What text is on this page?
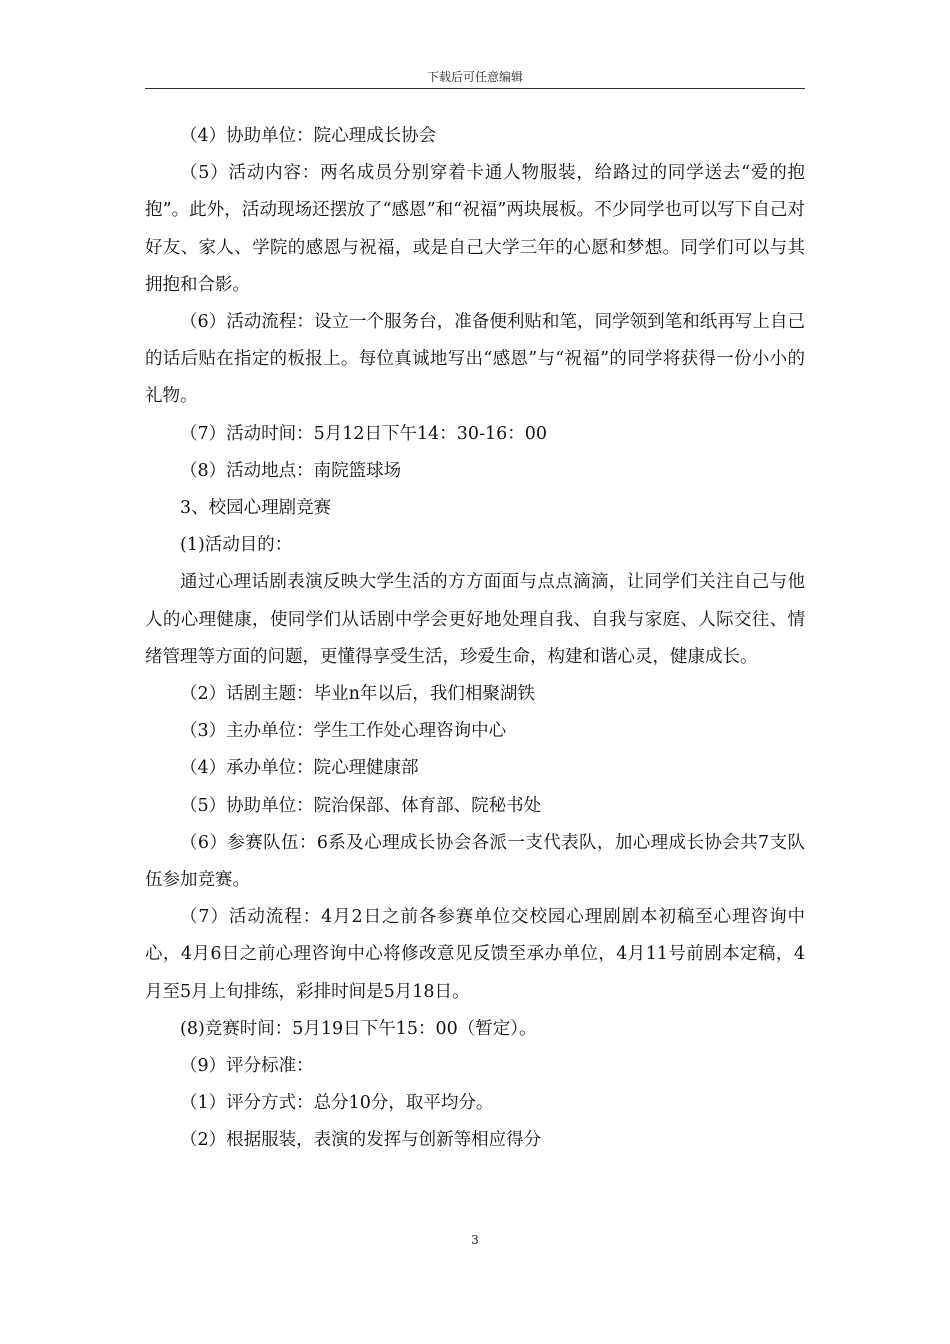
下载后可任意编辑

（4）协助单位：院心理成长协会

（5）活动内容：两名成员分别穿着卡通人物服装，给路过的同学送去“爱的抱抱”。此外，活动现场还摆放了“感恩”和“祝福”两块展板。不少同学也可以写下自己对好友、家人、学院的感恩与祝福，或是自己大学三年的心愿和梦想。同学们可以与其拥抱和合影。

（6）活动流程：设立一个服务台，准备便利贴和笔，同学领到笔和纸再写上自己的话后贴在指定的板报上。每位真诚地写出“感恩”与“祝福”的同学将获得一份小小的礼物。

（7）活动时间：5月12日下午14：30-16：00

（8）活动地点：南院篮球场

3、校园心理剧竞赛

(1)活动目的：

通过心理话剧表演反映大学生活的方方面面与点点滴滴，让同学们关注自己与他人的心理健康，使同学们从话剧中学会更好地处理自我、自我与家庭、人际交往、情绪管理等方面的问题，更懂得享受生活，珍爱生命，构建和谐心灵，健康成长。

（2）话剧主题：毕业n年以后，我们相聚湖铁

（3）主办单位：学生工作处心理咨询中心

（4）承办单位：院心理健康部

（5）协助单位：院治保部、体育部、院秘书处

（6）参赛队伍：6系及心理成长协会各派一支代表队，加心理成长协会共7支队伍参加竞赛。

（7）活动流程：4月2日之前各参赛单位交校园心理剧剧本初稿至心理咨询中心，4月6日之前心理咨询中心将修改意见反馈至承办单位，4月11号前剧本定稿，4月至5月上旬排练，彩排时间是5月18日。

(8)竞赛时间：5月19日下午15：00（暂定）。

（9）评分标准：

（1）评分方式：总分10分，取平均分。

（2）根据服装，表演的发挥与创新等相应得分

3
